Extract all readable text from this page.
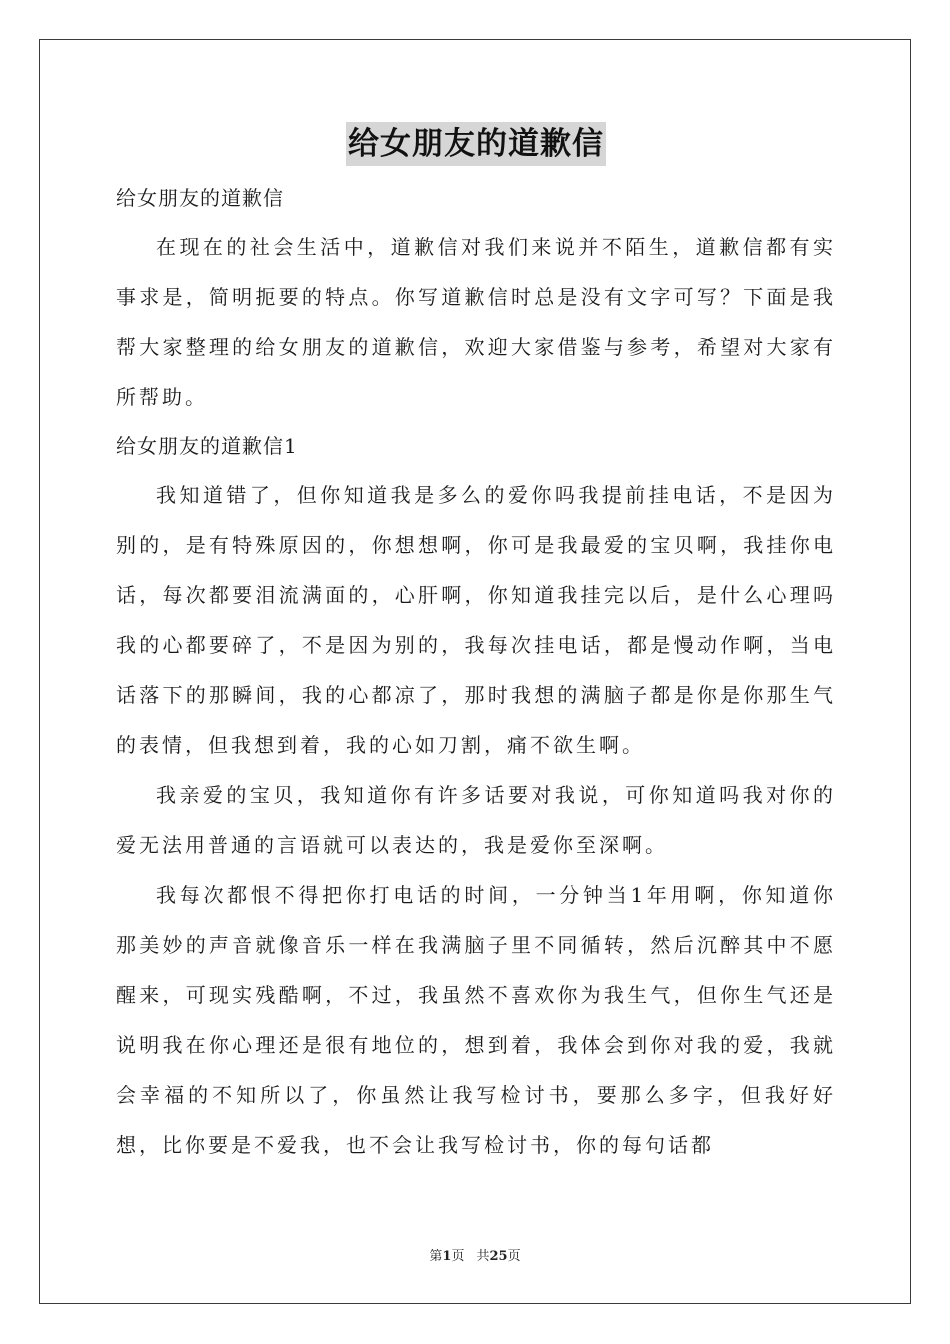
给女朋友的道歉信

给女朋友的道歉信

在现在的社会生活中，道歉信对我们来说并不陌生，道歉信都有实事求是，简明扼要的特点。你写道歉信时总是没有文字可写？下面是我帮大家整理的给女朋友的道歉信，欢迎大家借鉴与参考，希望对大家有所帮助。

给女朋友的道歉信1

我知道错了，但你知道我是多么的爱你吗我提前挂电话，不是因为别的，是有特殊原因的，你想想啊，你可是我最爱的宝贝啊，我挂你电话，每次都要泪流满面的，心肝啊，你知道我挂完以后，是什么心理吗我的心都要碎了，不是因为别的，我每次挂电话，都是慢动作啊，当电话落下的那瞬间，我的心都凉了，那时我想的满脑子都是你是你那生气的表情，但我想到着，我的心如刀割，痛不欲生啊。

我亲爱的宝贝，我知道你有许多话要对我说，可你知道吗我对你的爱无法用普通的言语就可以表达的，我是爱你至深啊。

我每次都恨不得把你打电话的时间，一分钟当1年用啊，你知道你那美妙的声音就像音乐一样在我满脑子里不同循转，然后沉醉其中不愿醒来，可现实残酷啊，不过，我虽然不喜欢你为我生气，但你生气还是说明我在你心理还是很有地位的，想到着，我体会到你对我的爱，我就会幸福的不知所以了，你虽然让我写检讨书，要那么多字，但我好好想，比你要是不爱我，也不会让我写检讨书，你的每句话都

第1页 共25页
